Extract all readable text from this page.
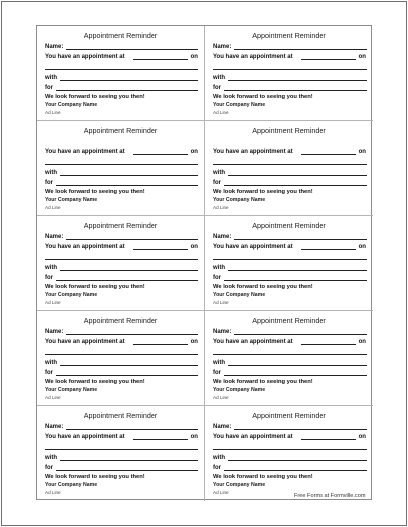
Appointment Reminder
Name:
You have an appointment at	on
with
for
We look forward to seeing you then!
Your Company Name
Ad Line
Appointment Reminder
Name:
You have an appointment at	on
with
for
We look forward to seeing you then!
Your Company Name
Ad Line
Appointment Reminder
You have an appointment at	on
with
for
We look forward to seeing you then!
Your Company Name
Ad Line
Appointment Reminder
You have an appointment at	on
with
for
We look forward to seeing you then!
Your Company Name
Ad Line
Appointment Reminder
Name:
You have an appointment at	on
with
for
We look forward to seeing you then!
Your Company Name
Ad Line
Appointment Reminder
Name:
You have an appointment at	on
with
for
We look forward to seeing you then!
Your Company Name
Ad Line
Appointment Reminder
Name:
You have an appointment at	on
with
for
We look forward to seeing you then!
Your Company Name
Ad Line
Appointment Reminder
Name:
You have an appointment at	on
with
for
We look forward to seeing you then!
Your Company Name
Ad Line
Appointment Reminder
Name:
You have an appointment at	on
with
for
We look forward to seeing you then!
Your Company Name
Ad Line
Appointment Reminder
Name:
You have an appointment at	on
with
for
We look forward to seeing you then!
Your Company Name
Ad Line
Free Forms at Formville.com
